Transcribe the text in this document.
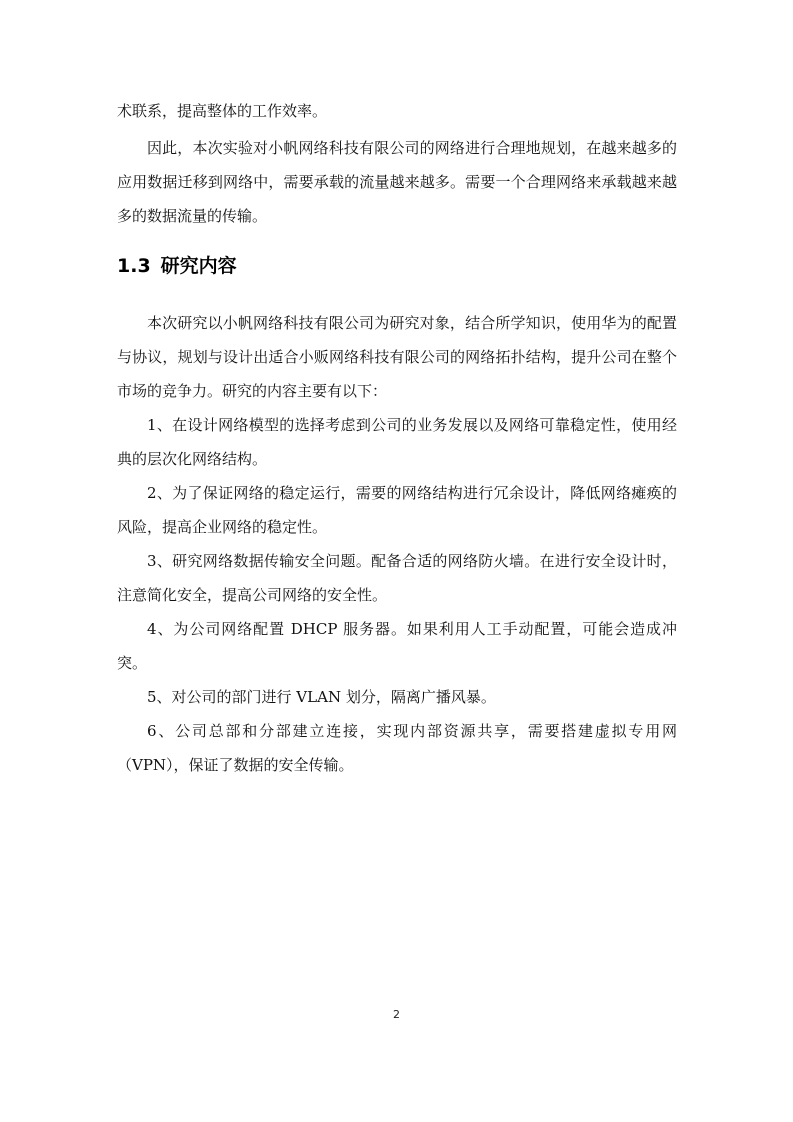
术联系，提高整体的工作效率。

因此，本次实验对小帆网络科技有限公司的网络进行合理地规划，在越来越多的应用数据迁移到网络中，需要承载的流量越来越多。需要一个合理网络来承载越来越多的数据流量的传输。

1.3 研究内容

本次研究以小帆网络科技有限公司为研究对象，结合所学知识，使用华为的配置与协议，规划与设计出适合小贩网络科技有限公司的网络拓扑结构，提升公司在整个市场的竞争力。研究的内容主要有以下：

1、在设计网络模型的选择考虑到公司的业务发展以及网络可靠稳定性，使用经典的层次化网络结构。

2、为了保证网络的稳定运行，需要的网络结构进行冗余设计，降低网络瘫痪的风险，提高企业网络的稳定性。

3、研究网络数据传输安全问题。配备合适的网络防火墙。在进行安全设计时，注意简化安全，提高公司网络的安全性。

4、为公司网络配置 DHCP 服务器。如果利用人工手动配置，可能会造成冲突。

5、对公司的部门进行 VLAN 划分，隔离广播风暴。

6、公司总部和分部建立连接，实现内部资源共享，需要搭建虚拟专用网（VPN），保证了数据的安全传输。

2
